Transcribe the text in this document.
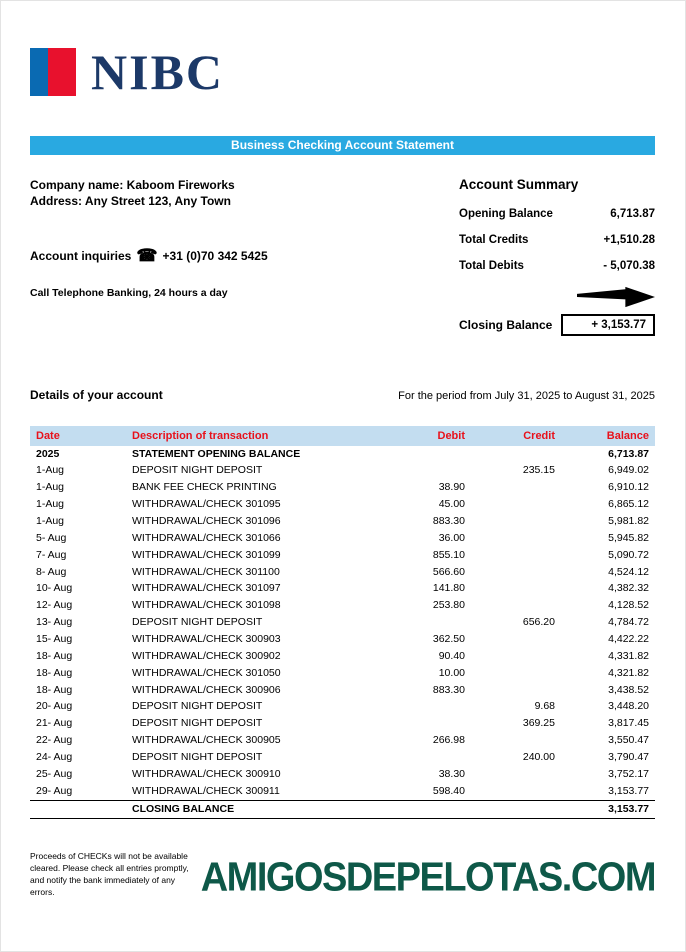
NIBC
Business Checking Account Statement

Company name: Kaboom Fireworks

Address: Any Street 123, Any Town

Account inquiries ☎ +31 (0)70 342 5425

Call Telephone Banking, 24 hours a day

Account Summary
Opening Balance	6,713.87
Total Credits	+1,510.28
Total Debits	- 5,070.38
Closing Balance	+ 3,153.77
Details of your account	For the period from July 31, 2025 to August 31, 2025
Date	Description of transaction	Debit	Credit	Balance
2025	STATEMENT OPENING BALANCE			6,713.87
1-Aug	DEPOSIT NIGHT DEPOSIT		235.15	6,949.02
1-Aug	BANK FEE CHECK PRINTING	38.90		6,910.12
1-Aug	WITHDRAWAL/CHECK 301095	45.00		6,865.12
1-Aug	WITHDRAWAL/CHECK 301096	883.30		5,981.82
5- Aug	WITHDRAWAL/CHECK 301066	36.00		5,945.82
7- Aug	WITHDRAWAL/CHECK 301099	855.10		5,090.72
8- Aug	WITHDRAWAL/CHECK 301100	566.60		4,524.12
10- Aug	WITHDRAWAL/CHECK 301097	141.80		4,382.32
12- Aug	WITHDRAWAL/CHECK 301098	253.80		4,128.52
13- Aug	DEPOSIT NIGHT DEPOSIT		656.20	4,784.72
15- Aug	WITHDRAWAL/CHECK 300903	362.50		4,422.22
18- Aug	WITHDRAWAL/CHECK 300902	90.40		4,331.82
18- Aug	WITHDRAWAL/CHECK 301050	10.00		4,321.82
18- Aug	WITHDRAWAL/CHECK 300906	883.30		3,438.52
20- Aug	DEPOSIT NIGHT DEPOSIT		9.68	3,448.20
21- Aug	DEPOSIT NIGHT DEPOSIT		369.25	3,817.45
22- Aug	WITHDRAWAL/CHECK 300905	266.98		3,550.47
24- Aug	DEPOSIT NIGHT DEPOSIT		240.00	3,790.47
25- Aug	WITHDRAWAL/CHECK 300910	38.30		3,752.17
29- Aug	WITHDRAWAL/CHECK 300911	598.40		3,153.77
	CLOSING BALANCE			3,153.77

Proceeds of CHECKs will not be available cleared. Please check all entries promptly, and notify the bank immediately of any errors.	AMIGOSDEPELOTAS.COM
